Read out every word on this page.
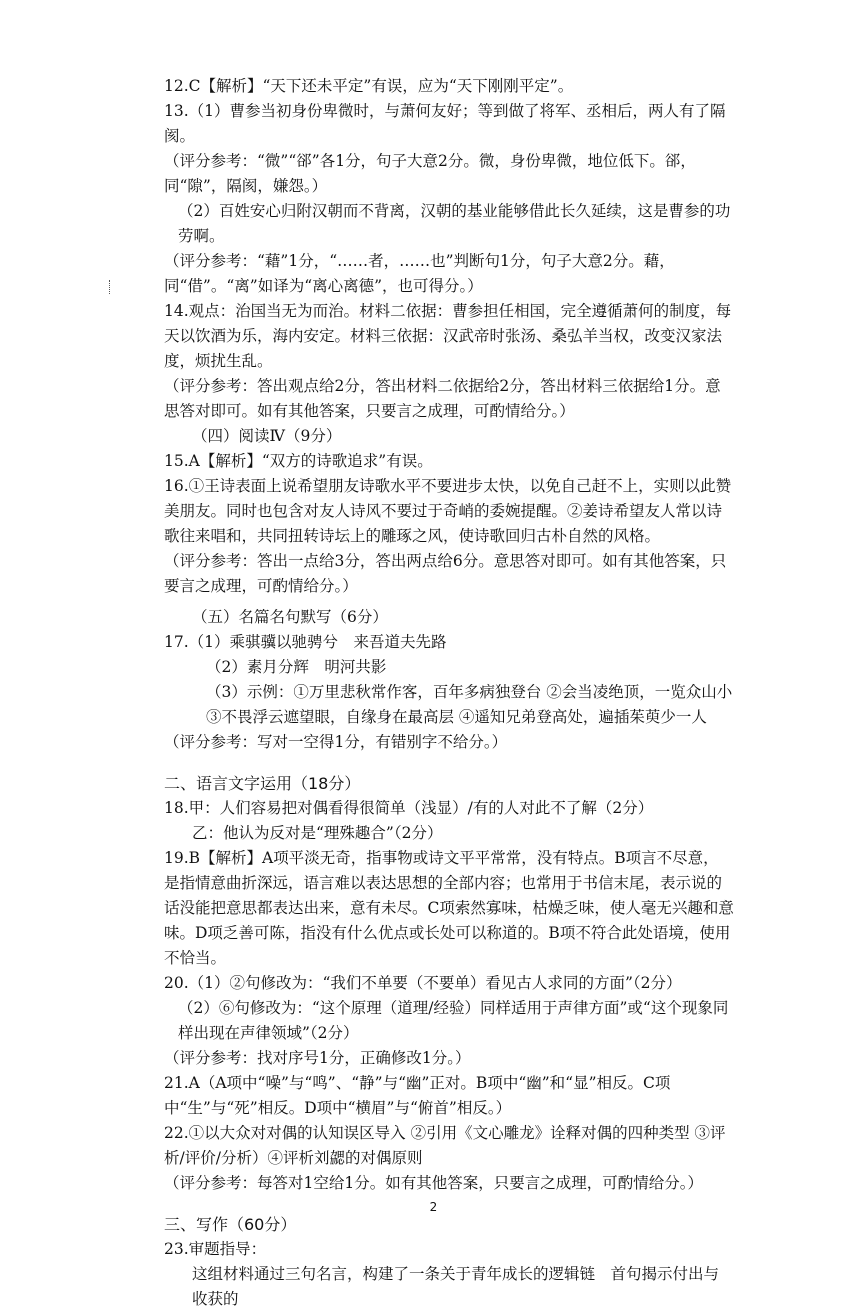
12.C【解析】“天下还未平定”有误，应为“天下刚刚平定”。

13.（1）曹参当初身份卑微时，与萧何友好；等到做了将军、丞相后，两人有了隔阂。

（评分参考：“微”“郤”各1分，句子大意2分。微，身份卑微，地位低下。郤，同“隙”，隔阂，嫌怨。）

（2）百姓安心归附汉朝而不背离，汉朝的基业能够借此长久延续，这是曹参的功劳啊。

（评分参考：“藉”1分，“……者，……也”判断句1分，句子大意2分。藉，同“借”。“离”如译为“离心离德”，也可得分。）

14.观点：治国当无为而治。材料二依据：曹参担任相国，完全遵循萧何的制度，每天以饮酒为乐，海内安定。材料三依据：汉武帝时张汤、桑弘羊当权，改变汉家法度，烦扰生乱。

（评分参考：答出观点给2分，答出材料二依据给2分，答出材料三依据给1分。意思答对即可。如有其他答案，只要言之成理，可酌情给分。）

（四）阅读Ⅳ（9分）

15.A【解析】“双方的诗歌追求”有误。

16.①王诗表面上说希望朋友诗歌水平不要进步太快，以免自己赶不上，实则以此赞美朋友。同时也包含对友人诗风不要过于奇峭的委婉提醒。②姜诗希望友人常以诗歌往来唱和，共同扭转诗坛上的雕琢之风，使诗歌回归古朴自然的风格。

（评分参考：答出一点给3分，答出两点给6分。意思答对即可。如有其他答案，只要言之成理，可酌情给分。）

（五）名篇名句默写（6分）

17.（1）乘骐骥以驰骋兮　来吾道夫先路

（2）素月分辉　明河共影

（3）示例：①万里悲秋常作客，百年多病独登台 ②会当凌绝顶，一览众山小 ③不畏浮云遮望眼，自缘身在最高层 ④遥知兄弟登高处，遍插茱萸少一人

（评分参考：写对一空得1分，有错别字不给分。）

二、语言文字运用（18分）

18.甲：人们容易把对偶看得很简单（浅显）/有的人对此不了解（2分）

乙：他认为反对是“理殊趣合”（2分）

19.B【解析】A项平淡无奇，指事物或诗文平平常常，没有特点。B项言不尽意，是指情意曲折深远，语言难以表达思想的全部内容；也常用于书信末尾，表示说的话没能把意思都表达出来，意有未尽。C项索然寡味，枯燥乏味，使人毫无兴趣和意味。D项乏善可陈，指没有什么优点或长处可以称道的。B项不符合此处语境，使用不恰当。

20.（1）②句修改为：“我们不单要（不要单）看见古人求同的方面”（2分）

（2）⑥句修改为：“这个原理（道理/经验）同样适用于声律方面”或“这个现象同样出现在声律领域”（2分）

（评分参考：找对序号1分，正确修改1分。）

21.A（A项中“噪”与“鸣”、“静”与“幽”正对。B项中“幽”和“显”相反。C项中“生”与“死”相反。D项中“横眉”与“俯首”相反。）

22.①以大众对对偶的认知误区导入 ②引用《文心雕龙》诠释对偶的四种类型 ③评析/评价/分析）④评析刘勰的对偶原则

（评分参考：每答对1空给1分。如有其他答案，只要言之成理，可酌情给分。）

三、写作（60分）

23.审题指导：

这组材料通过三句名言，构建了一条关于青年成长的逻辑链　首句揭示付出与收获的

2
